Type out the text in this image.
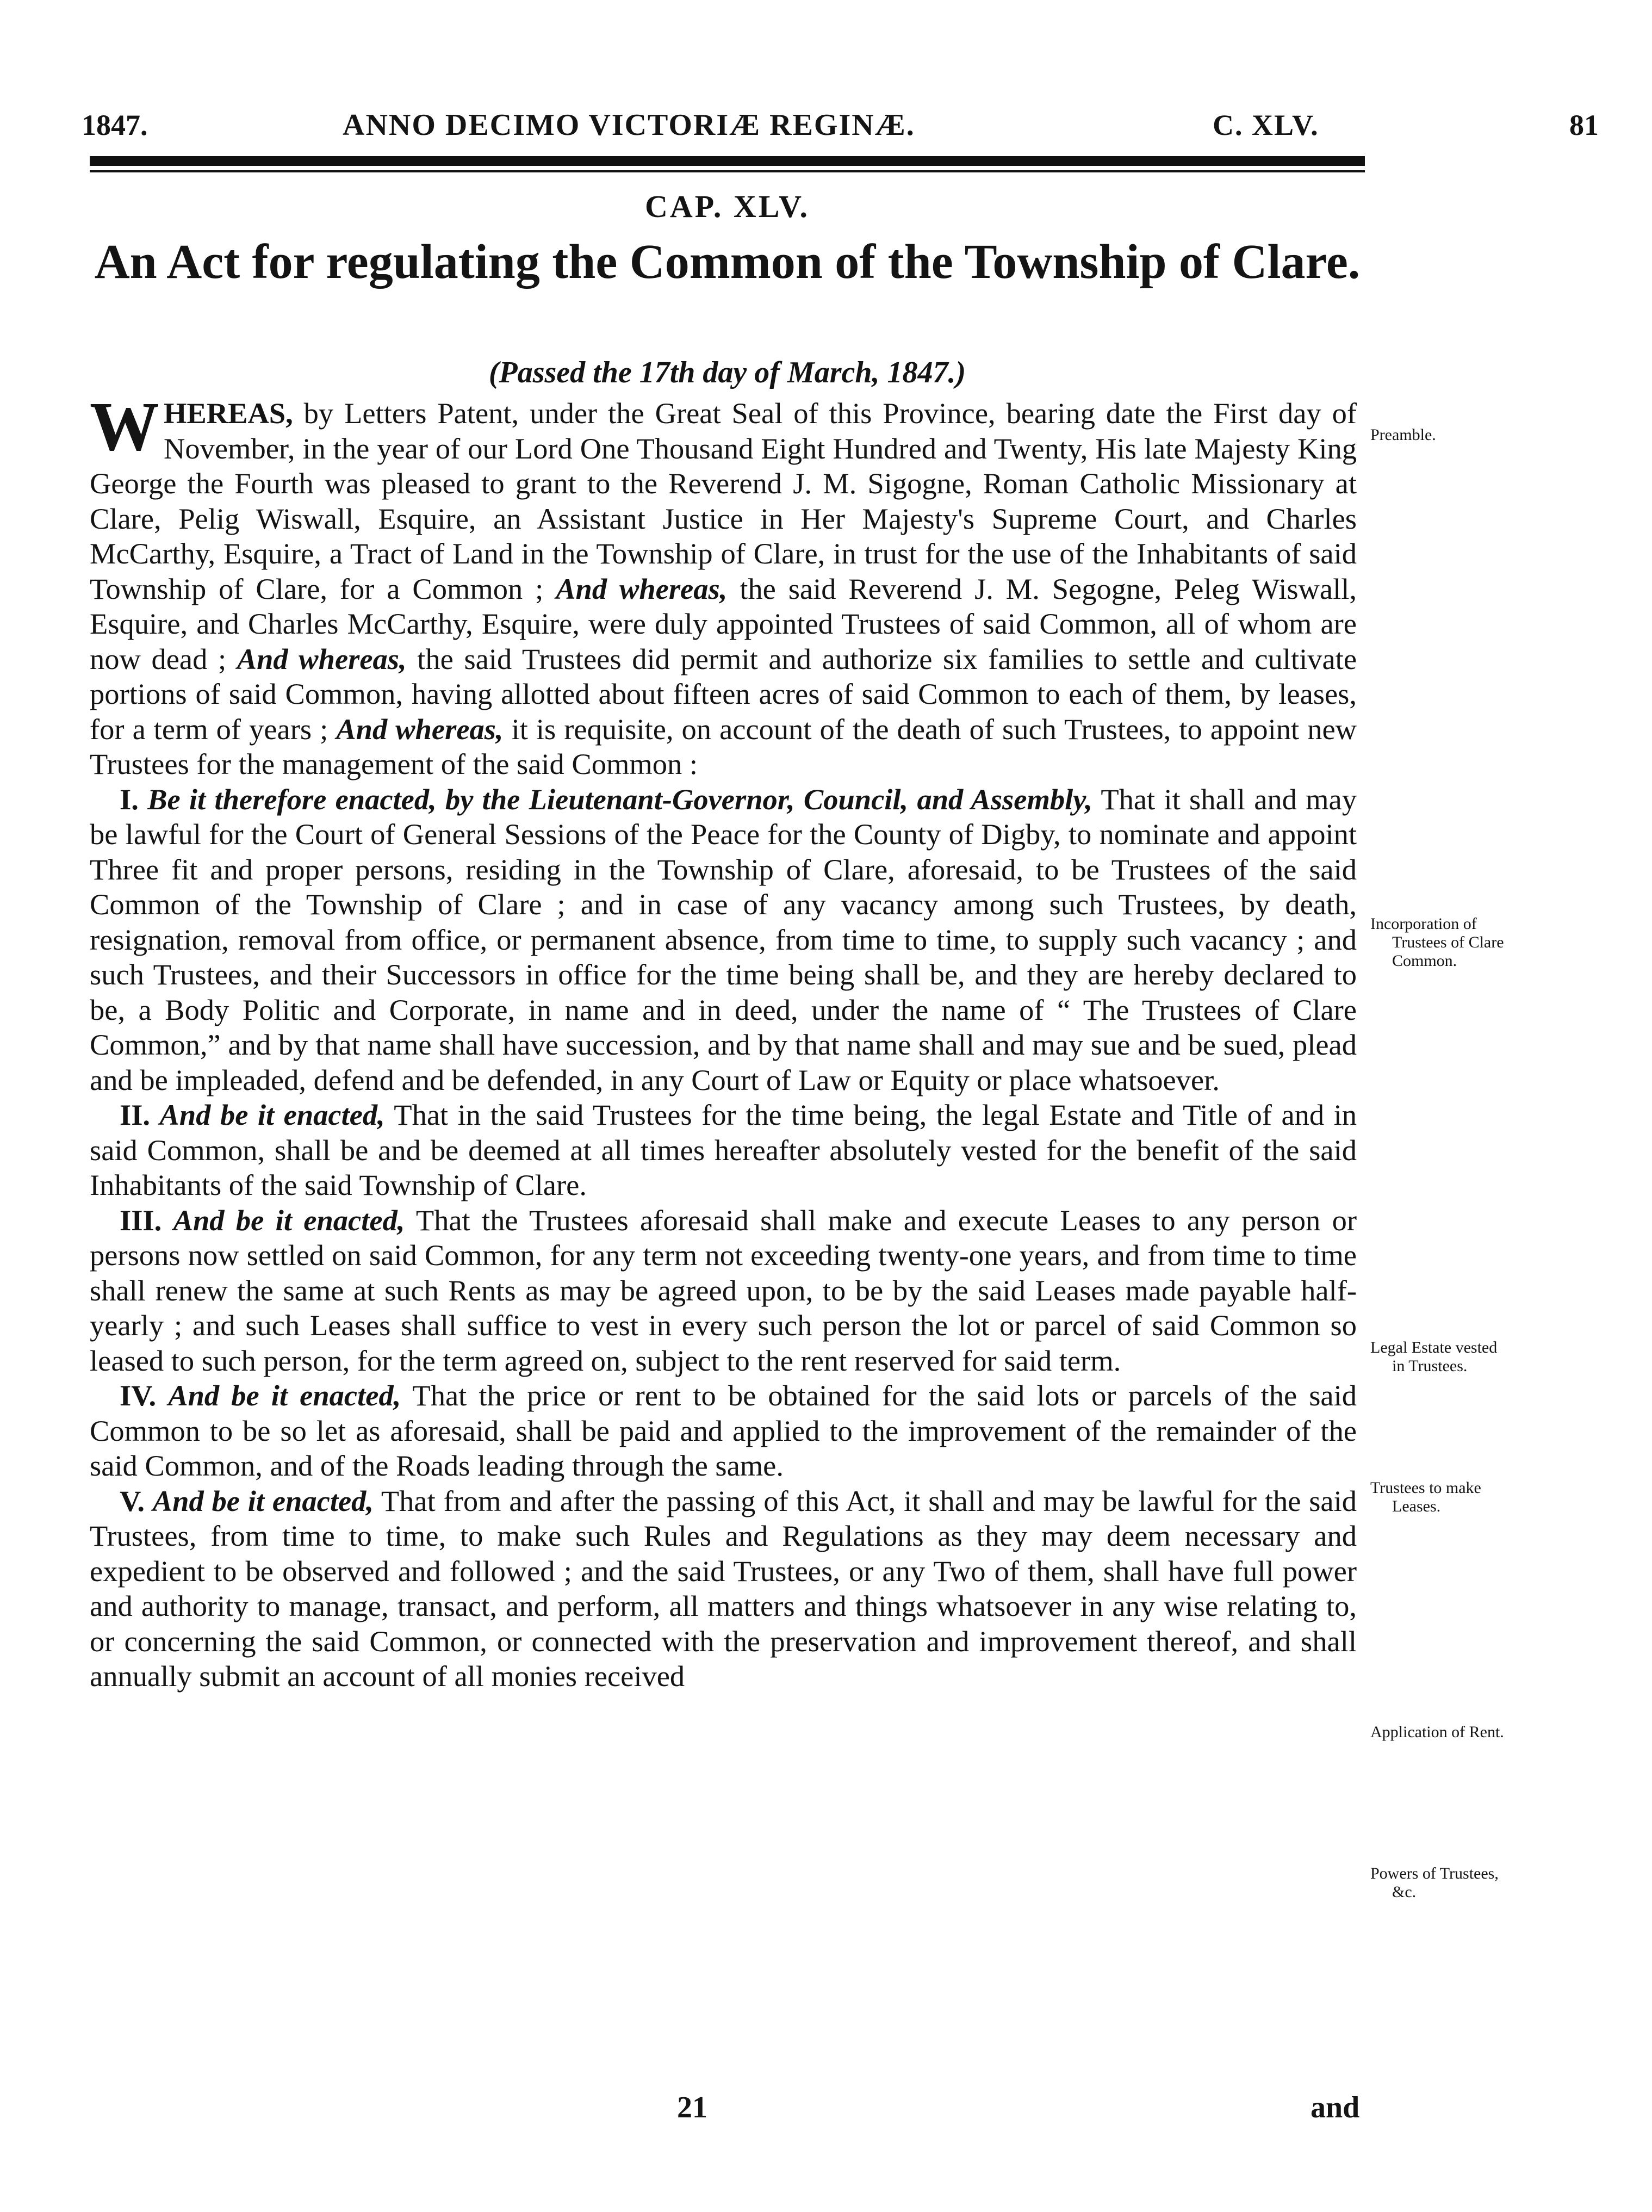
1847.	ANNO DECIMO VICTORIÆ REGINÆ.	C. XLV.	81
CAP. XLV.
An Act for regulating the Common of the Township of Clare.
(Passed the 17th day of March, 1847.)

WHEREAS, by Letters Patent, under the Great Seal of this Province, bearing date the First day of November, in the year of our Lord One Thousand Eight Hundred and Twenty, His late Majesty King George the Fourth was pleased to grant to the Reverend J. M. Sigogne, Roman Catholic Missionary at Clare, Pelig Wiswall, Esquire, an Assistant Justice in Her Majesty's Supreme Court, and Charles McCarthy, Esquire, a Tract of Land in the Township of Clare, in trust for the use of the Inhabitants of said Township of Clare, for a Common ; And whereas, the said Reverend J. M. Segogne, Peleg Wiswall, Esquire, and Charles McCarthy, Esquire, were duly appointed Trustees of said Common, all of whom are now dead ; And whereas, the said Trustees did permit and authorize six families to settle and cultivate portions of said Common, having allotted about fifteen acres of said Common to each of them, by leases, for a term of years ; And whereas, it is requisite, on account of the death of such Trustees, to appoint new Trustees for the management of the said Common :

I. Be it therefore enacted, by the Lieutenant-Governor, Council, and Assembly, That it shall and may be lawful for the Court of General Sessions of the Peace for the County of Digby, to nominate and appoint Three fit and proper persons, residing in the Township of Clare, aforesaid, to be Trustees of the said Common of the Township of Clare ; and in case of any vacancy among such Trustees, by death, resignation, removal from office, or permanent absence, from time to time, to supply such vacancy ; and such Trustees, and their Successors in office for the time being shall be, and they are hereby declared to be, a Body Politic and Corporate, in name and in deed, under the name of “ The Trustees of Clare Common,” and by that name shall have succession, and by that name shall and may sue and be sued, plead and be impleaded, defend and be defended, in any Court of Law or Equity or place whatsoever.

II. And be it enacted, That in the said Trustees for the time being, the legal Estate and Title of and in said Common, shall be and be deemed at all times hereafter absolutely vested for the benefit of the said Inhabitants of the said Township of Clare.

III. And be it enacted, That the Trustees aforesaid shall make and execute Leases to any person or persons now settled on said Common, for any term not exceeding twenty-one years, and from time to time shall renew the same at such Rents as may be agreed upon, to be by the said Leases made payable half-yearly ; and such Leases shall suffice to vest in every such person the lot or parcel of said Common so leased to such person, for the term agreed on, subject to the rent reserved for said term.

IV. And be it enacted, That the price or rent to be obtained for the said lots or parcels of the said Common to be so let as aforesaid, shall be paid and applied to the improvement of the remainder of the said Common, and of the Roads leading through the same.

V. And be it enacted, That from and after the passing of this Act, it shall and may be lawful for the said Trustees, from time to time, to make such Rules and Regulations as they may deem necessary and expedient to be observed and followed ; and the said Trustees, or any Two of them, shall have full power and authority to manage, transact, and perform, all matters and things whatsoever in any wise relating to, or concerning the said Common, or connected with the preservation and improvement thereof, and shall annually submit an account of all monies received

Preamble.
Incorporation of
Trustees of Clare
Common.
Legal Estate vested
in Trustees.
Trustees to make
Leases.
Application of Rent.
Powers of Trustees,
&c.
21	and
